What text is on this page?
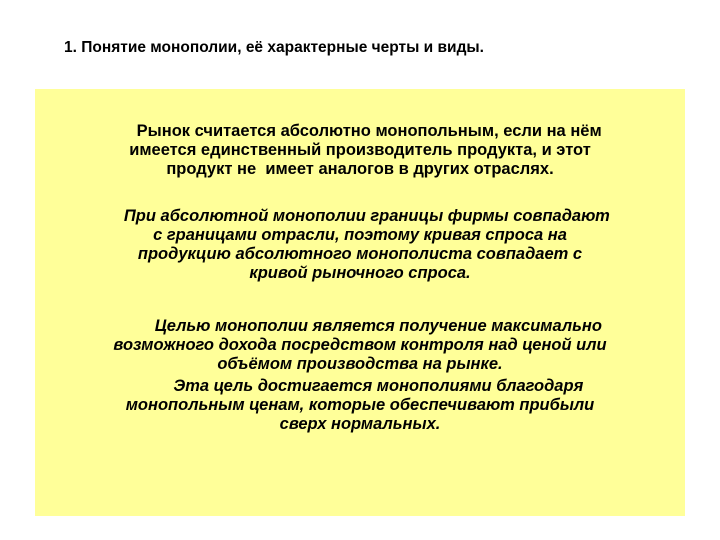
1. Понятие монополии, её характерные черты и виды.

Рынок считается абсолютно монопольным, если на нём
имеется единственный производитель продукта, и этот
продукт не  имеет аналогов в других отраслях.

При абсолютной монополии границы фирмы совпадают
с границами отрасли, поэтому кривая спроса на
продукцию абсолютного монополиста совпадает с
кривой рыночного спроса.

Целью монополии является получение максимально
возможного дохода посредством контроля над ценой или
объёмом производства на рынке.

Эта цель достигается монополиями благодаря
монопольным ценам, которые обеспечивают прибыли
сверх нормальных.
